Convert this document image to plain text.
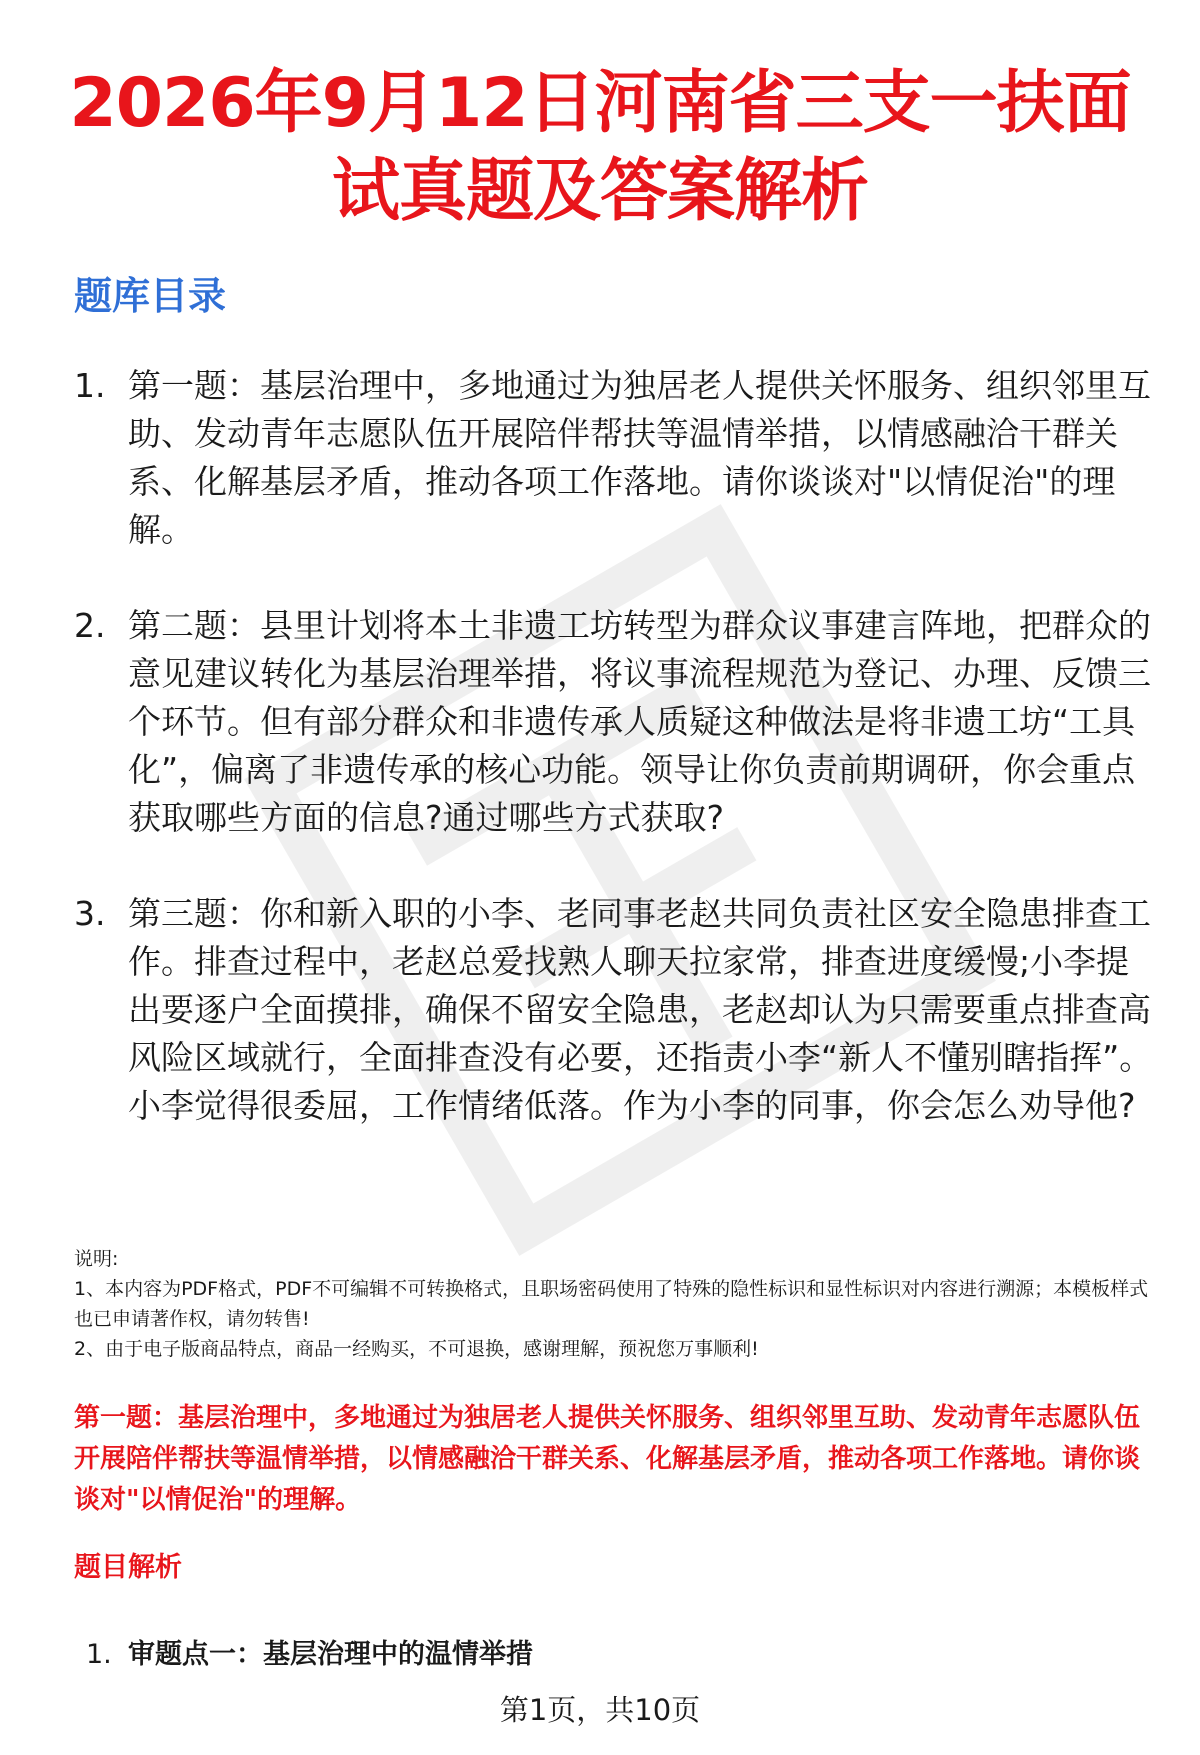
2026年9月12日河南省三支一扶面试真题及答案解析
题库目录
1. 第一题：基层治理中，多地通过为独居老人提供关怀服务、组织邻里互助、发动青年志愿队伍开展陪伴帮扶等温情举措，以情感融洽干群关系、化解基层矛盾，推动各项工作落地。请你谈谈对"以情促治"的理解。
2. 第二题：县里计划将本土非遗工坊转型为群众议事建言阵地，把群众的意见建议转化为基层治理举措，将议事流程规范为登记、办理、反馈三个环节。但有部分群众和非遗传承人质疑这种做法是将非遗工坊“工具化”，偏离了非遗传承的核心功能。领导让你负责前期调研，你会重点获取哪些方面的信息?通过哪些方式获取?
3. 第三题：你和新入职的小李、老同事老赵共同负责社区安全隐患排查工作。排查过程中，老赵总爱找熟人聊天拉家常，排查进度缓慢;小李提出要逐户全面摸排，确保不留安全隐患，老赵却认为只需要重点排查高风险区域就行，全面排查没有必要，还指责小李“新人不懂别瞎指挥”。小李觉得很委屈，工作情绪低落。作为小李的同事，你会怎么劝导他?
说明:
1、本内容为PDF格式，PDF不可编辑不可转换格式，且职场密码使用了特殊的隐性标识和显性标识对内容进行溯源；本模板样式也已申请著作权，请勿转售!
2、由于电子版商品特点，商品一经购买，不可退换，感谢理解，预祝您万事顺利!

第一题：基层治理中，多地通过为独居老人提供关怀服务、组织邻里互助、发动青年志愿队伍开展陪伴帮扶等温情举措，以情感融洽干群关系、化解基层矛盾，推动各项工作落地。请你谈谈对"以情促治"的理解。

题目解析
1. 审题点一：基层治理中的温情举措
第1页，共10页
